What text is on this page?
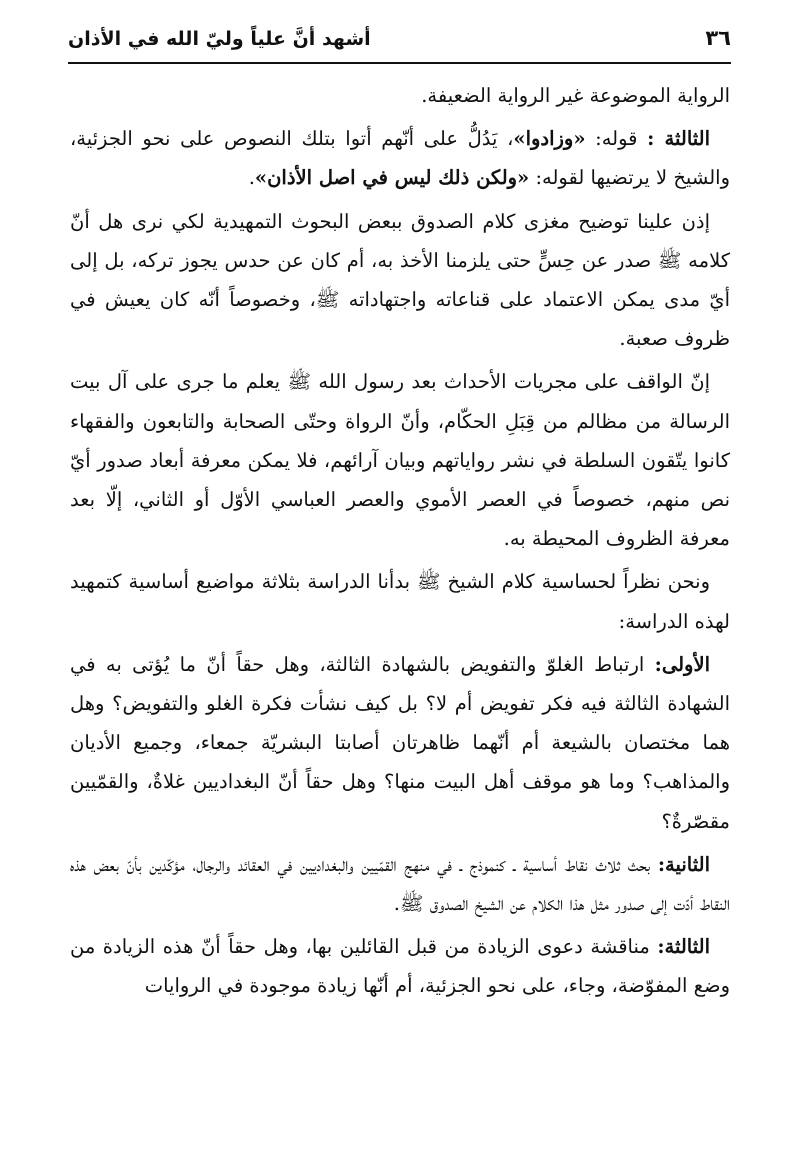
٣٦
أشهد أنَّ علياً وليّ الله في الأذان

الرواية الموضوعة غير الرواية الضعيفة.

الثالثة : قوله: «وزادوا»، يَدُلُّ على أنّهم أتوا بتلك النصوص على نحو الجزئية، والشيخ لا يرتضيها لقوله: «ولكن ذلك ليس في اصل الأذان».

إذن علينا توضيح مغزى كلام الصدوق ببعض البحوث التمهيدية لكي نرى هل أنّ كلامه ﷺ صدر عن حِسٍّ حتى يلزمنا الأخذ به، أم كان عن حدس يجوز تركه، بل إلى أيّ مدى يمكن الاعتماد على قناعاته واجتهاداته ﷺ، وخصوصاً أنّه كان يعيش في ظروف صعبة.

إنّ الواقف على مجريات الأحداث بعد رسول الله ﷺ يعلم ما جرى على آل بيت الرسالة من مظالم من قِبَلِ الحكّام، وأنّ الرواة وحتّى الصحابة والتابعون والفقهاء كانوا يتّقون السلطة في نشر رواياتهم وبيان آرائهم، فلا يمكن معرفة أبعاد صدور أيّ نص منهم، خصوصاً في العصر الأموي والعصر العباسي الأوّل أو الثاني، إلّا بعد معرفة الظروف المحيطة به.

ونحن نظراً لحساسية كلام الشيخ ﷺ بدأنا الدراسة بثلاثة مواضيع أساسية كتمهيد لهذه الدراسة:

الأولى: ارتباط الغلوّ والتفويض بالشهادة الثالثة، وهل حقاً أنّ ما يُؤتى به في الشهادة الثالثة فيه فكر تفويض أم لا؟ بل كيف نشأت فكرة الغلو والتفويض؟ وهل هما مختصان بالشيعة أم أنّهما ظاهرتان أصابتا البشريّة جمعاء، وجميع الأديان والمذاهب؟ وما هو موقف أهل البيت منها؟ وهل حقاً أنّ البغداديين غلاةٌ، والقمّيين مقصّرةٌ؟

الثانية: بحث ثلاث نقاط أساسية ـ كنموذج ـ في منهج القمّيين والبغداديين في العقائد والرجال، مؤكّدين بأنّ بعض هذه النقاط أدّت إلى صدور مثل هذا الكلام عن الشيخ الصدوق ﷺ.

الثالثة: مناقشة دعوى الزيادة من قبل القائلين بها، وهل حقاً أنّ هذه الزيادة من وضع المفوّضة، وجاء، على نحو الجزئية، أم أنّها زيادة موجودة في الروايات
